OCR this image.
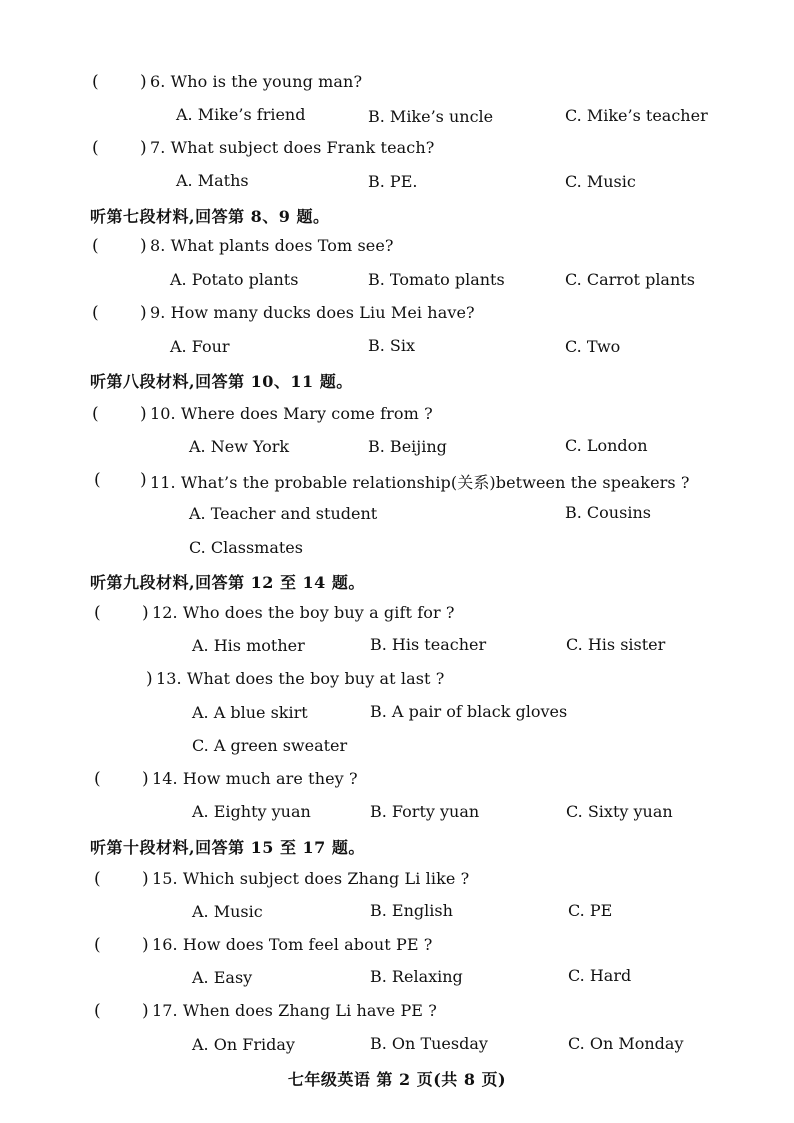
( ) 6. Who is the young man?
A. Mike’s friend	B. Mike’s uncle	C. Mike’s teacher
( ) 7. What subject does Frank teach?
A. Maths	B. PE.	C. Music
听第七段材料,回答第 8、9 题。
( ) 8. What plants does Tom see?
A. Potato plants	B. Tomato plants	C. Carrot plants
( ) 9. How many ducks does Liu Mei have?
A. Four	B. Six	C. Two
听第八段材料,回答第 10、11 题。
( ) 10. Where does Mary come from ?
A. New York	B. Beijing	C. London
( ) 11. What’s the probable relationship(关系)between the speakers ?
A. Teacher and student	B. Cousins
C. Classmates
听第九段材料,回答第 12 至 14 题。
( ) 12. Who does the boy buy a gift for ?
A. His mother	B. His teacher	C. His sister
) 13. What does the boy buy at last ?
A. A blue skirt	B. A pair of black gloves
C. A green sweater
( ) 14. How much are they ?
A. Eighty yuan	B. Forty yuan	C. Sixty yuan
听第十段材料,回答第 15 至 17 题。
( ) 15. Which subject does Zhang Li like ?
A. Music	B. English	C. PE
( ) 16. How does Tom feel about PE ?
A. Easy	B. Relaxing	C. Hard
( ) 17. When does Zhang Li have PE ?
A. On Friday	B. On Tuesday	C. On Monday
七年级英语 第 2 页(共 8 页)
